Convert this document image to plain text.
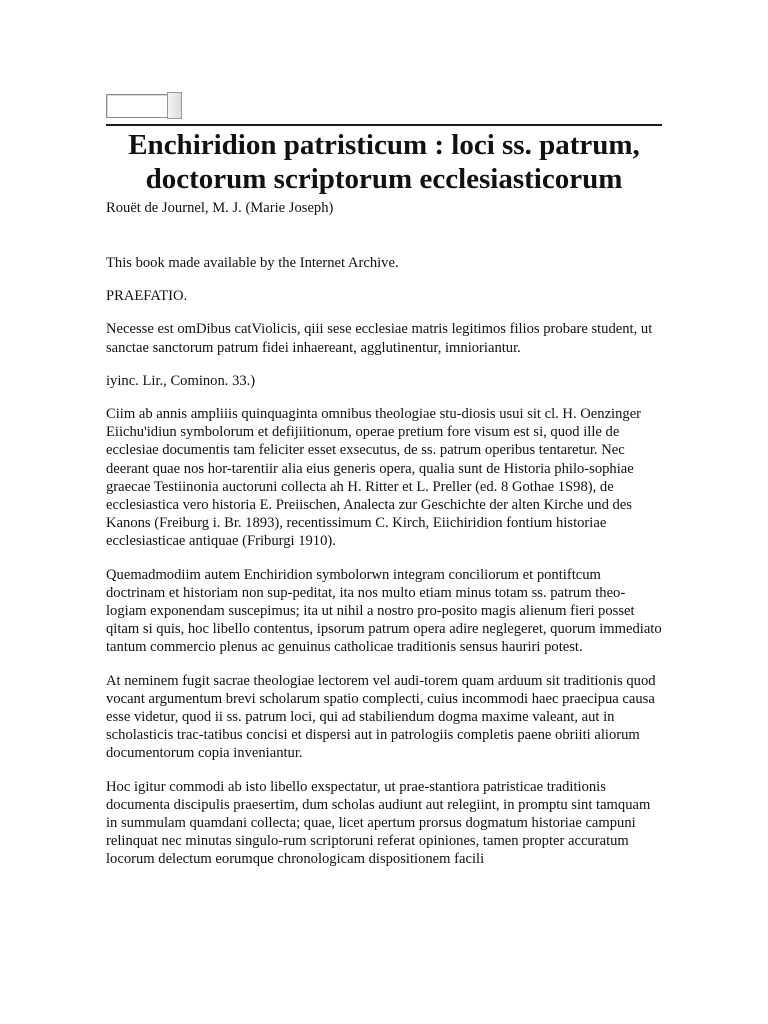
Enchiridion patristicum : loci ss. patrum, doctorum scriptorum ecclesiasticorum

Rouët de Journel, M. J. (Marie Joseph)

This book made available by the Internet Archive.

PRAEFATIO.

Necesse est omDibus catViolicis, qiii sese ecclesiae matris legitimos filios probare student, ut sanctae sanctorum patrum fidei inhaereant, agglutinentur, imnioriantur.

iyinc. Lir., Cominon. 33.)

Ciim ab annis ampliiis quinquaginta omnibus theologiae stu-diosis usui sit cl. H. Oenzinger Eiichu'idiun symbolorum et defijiitionum, operae pretium fore visum est si, quod ille de ecclesiae documentis tam feliciter esset exsecutus, de ss. patrum operibus tentaretur. Nec deerant quae nos hor-tarentiir alia eius generis opera, qualia sunt de Historia philo-sophiae graecae Testiinonia auctoruni collecta ah H. Ritter et L. Preller (ed. 8 Gothae 1S98), de ecclesiastica vero historia E. Preiischen, Analecta zur Geschichte der alten Kirche und des Kanons (Freiburg i. Br. 1893), recentissimum C. Kirch, Eiichiridion fontium historiae ecclesiasticae antiquae (Friburgi 1910).

Quemadmodiim autem Enchiridion symbolorwn integram conciliorum et pontiftcum doctrinam et historiam non sup-peditat, ita nos multo etiam minus totam ss. patrum theo-logiam exponendam suscepimus; ita ut nihil a nostro pro-posito magis alienum fieri posset qitam si quis, hoc libello contentus, ipsorum patrum opera adire neglegeret, quorum immediato tantum commercio plenus ac genuinus catholicae traditionis sensus hauriri potest.

At neminem fugit sacrae theologiae lectorem vel audi-torem quam arduum sit traditionis quod vocant argumentum brevi scholarum spatio complecti, cuius incommodi haec praecipua causa esse videtur, quod ii ss. patrum loci, qui ad stabiliendum dogma maxime valeant, aut in scholasticis trac-tatibus concisi et dispersi aut in patrologiis completis paene obriiti aliorum documentorum copia inveniantur.

Hoc igitur commodi ab isto libello exspectatur, ut prae-stantiora patristicae traditionis documenta discipulis praesertim, dum scholas audiunt aut relegiint, in promptu sint tamquam in summulam quamdani collecta; quae, licet apertum prorsus dogmatum historiae campuni relinquat nec minutas singulo-rum scriptoruni referat opiniones, tamen propter accuratum locorum delectum eorumque chronologicam dispositionem facili
